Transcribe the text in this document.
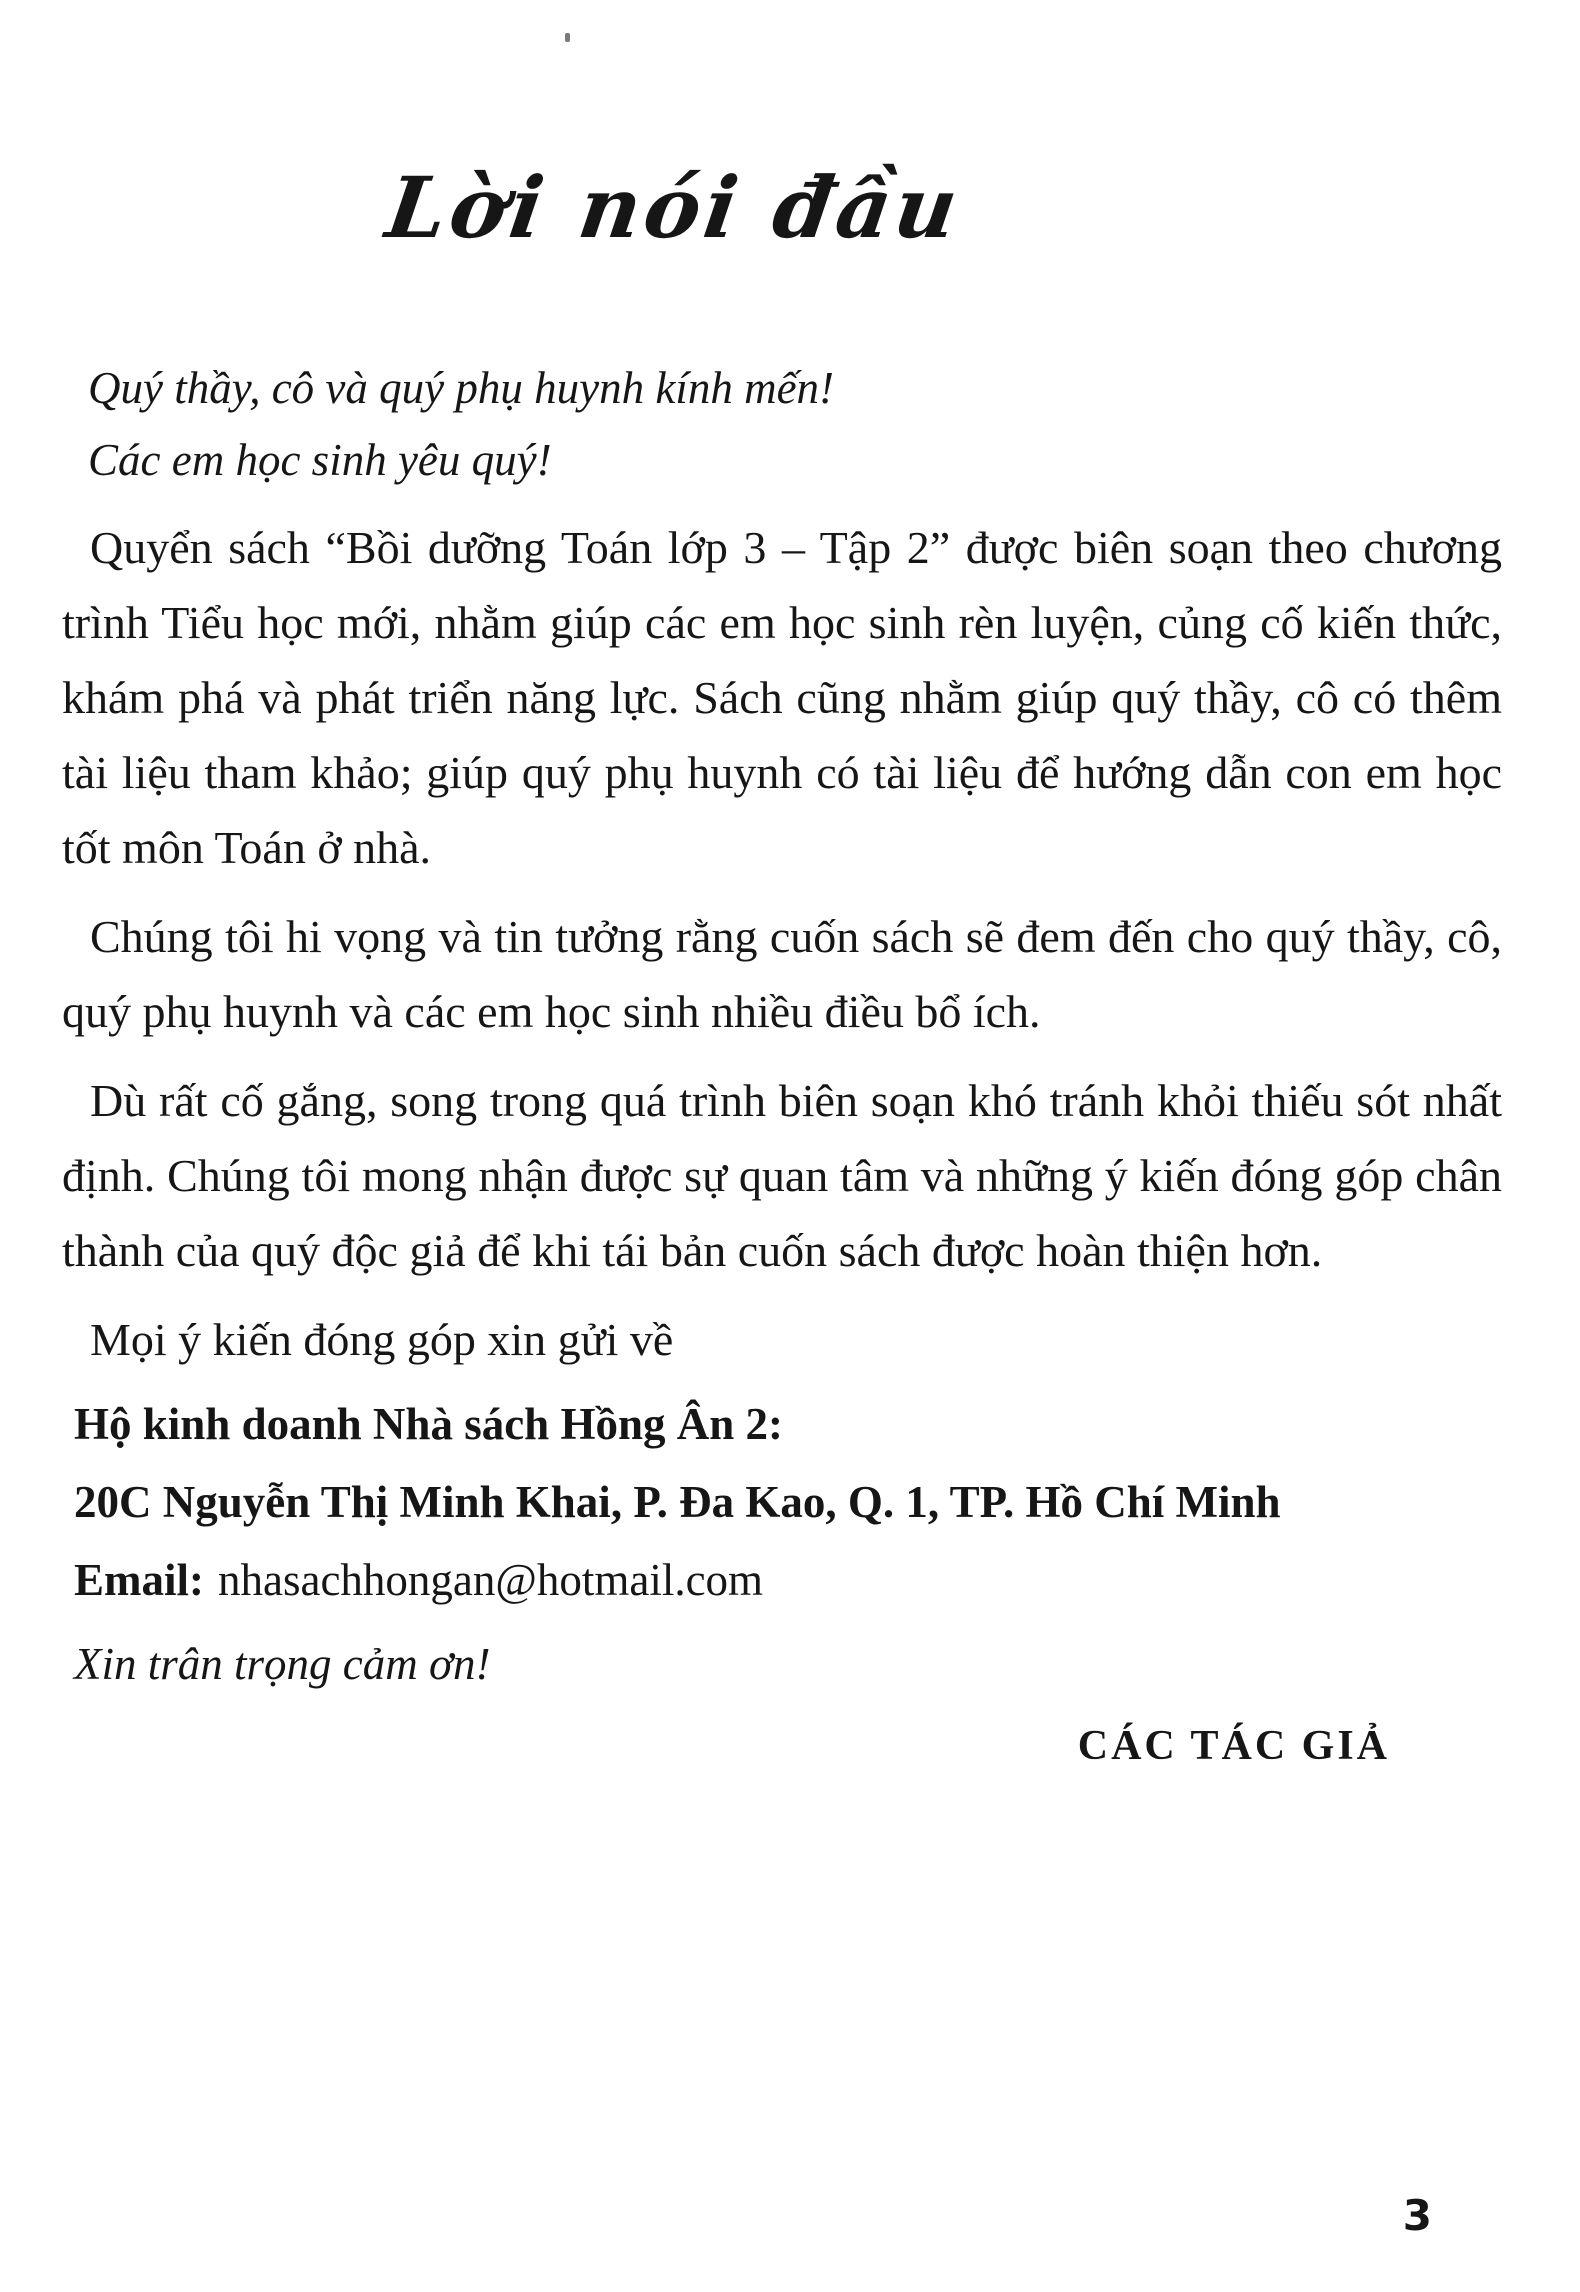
Lời nói đầu

Quý thầy, cô và quý phụ huynh kính mến!

Các em học sinh yêu quý!

Quyển sách “Bồi dưỡng Toán lớp 3 – Tập 2” được biên soạn theo chương trình Tiểu học mới, nhằm giúp các em học sinh rèn luyện, củng cố kiến thức, khám phá và phát triển năng lực. Sách cũng nhằm giúp quý thầy, cô có thêm tài liệu tham khảo; giúp quý phụ huynh có tài liệu để hướng dẫn con em học tốt môn Toán ở nhà.

Chúng tôi hi vọng và tin tưởng rằng cuốn sách sẽ đem đến cho quý thầy, cô, quý phụ huynh và các em học sinh nhiều điều bổ ích.

Dù rất cố gắng, song trong quá trình biên soạn khó tránh khỏi thiếu sót nhất định. Chúng tôi mong nhận được sự quan tâm và những ý kiến đóng góp chân thành của quý độc giả để khi tái bản cuốn sách được hoàn thiện hơn.

Mọi ý kiến đóng góp xin gửi về

Hộ kinh doanh Nhà sách Hồng Ân 2:

20C Nguyễn Thị Minh Khai, P. Đa Kao, Q. 1, TP. Hồ Chí Minh

Email: nhasachhongan@hotmail.com

Xin trân trọng cảm ơn!

CÁC TÁC GIẢ

3
